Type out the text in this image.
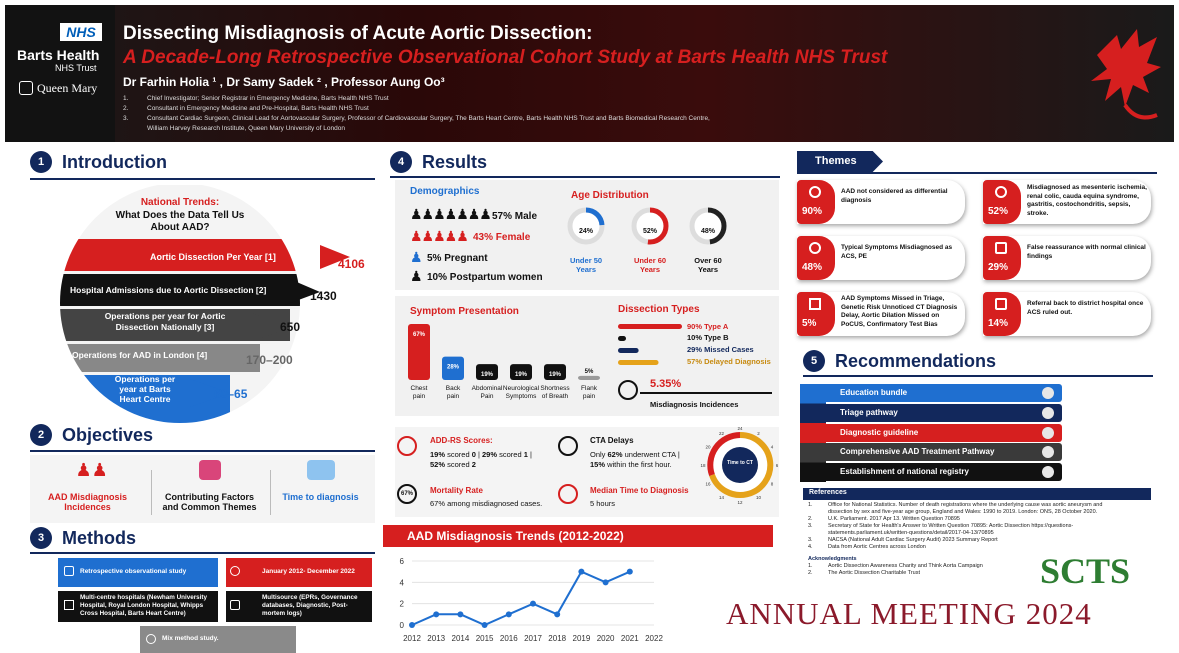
NHS
Barts Health
NHS Trust
Queen Mary
Dissecting Misdiagnosis of Acute Aortic Dissection:
A Decade-Long Retrospective Observational Cohort Study at Barts Health NHS Trust
Dr Farhin Holia ¹ , Dr Samy Sadek ² , Professor Aung Oo³
1.	Chief Investigator; Senior Registrar in Emergency Medicine, Barts Health NHS Trust
2.	Consultant in Emergency Medicine and Pre-Hospital, Barts Health NHS Trust
3.	Consultant Cardiac Surgeon, Clinical Lead for Aortovascular Surgery, Professor of Cardiovascular Surgery, The Barts Heart Centre, Barts Health NHS Trust and Barts Biomedical Research Centre,
William Harvey Research Institute, Queen Mary University of London
1 Introduction
National Trends:
What Does the Data Tell Us
About AAD?
Aortic Dissection Per Year [1]	4106
Hospital Admissions due to Aortic Dissection [2]	1430
Operations per year for Aortic
Dissection Nationally [3]	650
Operations for AAD in London [4]	170–200
Operations per
year at Barts
Heart Centre	60–65
2 Objectives
♟♟
AAD Misdiagnosis
Incidences
Contributing Factors
and Common Themes
Time to diagnosis
3 Methods
Retrospective observational study	January 2012- December 2022
Multi-centre hospitals (Newham University Hospital, Royal London Hospital, Whipps Cross Hospital, Barts Heart Centre)
Multisource (EPRs, Governance databases, Diagnostic, Post-mortem logs)
Mix method study.
4 Results
Demographics
♟♟♟♟♟♟♟ 57% Male
♟♟♟♟♟ 43% Female
♟ 5% Pregnant
♟ 10% Postpartum women
Age Distribution
24%	52%	48%
Under 50
Years
Under 60
Years
Over 60
Years
Symptom Presentation
67%
Chest
pain
28%
Back
pain
19%
Abdominal
Pain
19%
Neurological
Symptoms
19%
Shortness
of Breath
5%
Flank
pain
Dissection Types
90% Type A
10% Type B
29% Missed Cases
57% Delayed Diagnosis
5.35%
Misdiagnosis Incidences
ADD-RS Scores:
19% scored 0 | 29% scored 1 |
52% scored 2
CTA Delays
Only 62% underwent CTA |
15% within the first hour.
67%	Mortality Rate
67% among misdiagnosed cases.
Median Time to Diagnosis
5 hours
24
2
4
6
8
10
12
14
16
18
20
22
Time to CT
AAD Misdiagnosis Trends (2012-2022)
0
2
4
6
2012 2013 2014 2015 2016 2017 2018 2019 2020 2021 2022
Themes
90%
AAD not considered as differential diagnosis
52%
Misdiagnosed as mesenteric ischemia, renal colic, cauda equina syndrome, gastritis, costochondritis, sepsis, stroke.
48%
Typical Symptoms Misdiagnosed as ACS, PE
29%
False reassurance with normal clinical findings
5%
AAD Symptoms Missed in Triage, Genetic Risk Unnoticed CT Diagnosis Delay, Aortic Dilation Missed on PoCUS, Confirmatory Test Bias	14%
Referral back to district hospital once ACS ruled out.
5 Recommendations
Education bundle
Triage pathway
Diagnostic guideline
Comprehensive AAD Treatment Pathway
Establishment of national registry
References
1.	Office for National Statistics. Number of death registrations where the underlying cause was aortic aneurysm and
dissection by sex and five-year age group, England and Wales: 1990 to 2019. London: ONS, 28 October 2020.
2.	U.K. Parliament. 2017 Apr 13. Written Question 70895
3.	Secretary of State for Health's Answer to Written Question 70895: Aortic Dissection https://questions-
statements.parliament.uk/written-questions/detail/2017-04-13/70895
3.	NACSA (National Adult Cardiac Surgery Audit) 2023 Summary Report
4.	Data from Aortic Centres across London
Acknowledgments
1.	Aortic Dissection Awareness Charity and Think Aorta Campaign
2.	The Aortic Dissection Charitable Trust	SCTS
ANNUAL MEETING 2024
